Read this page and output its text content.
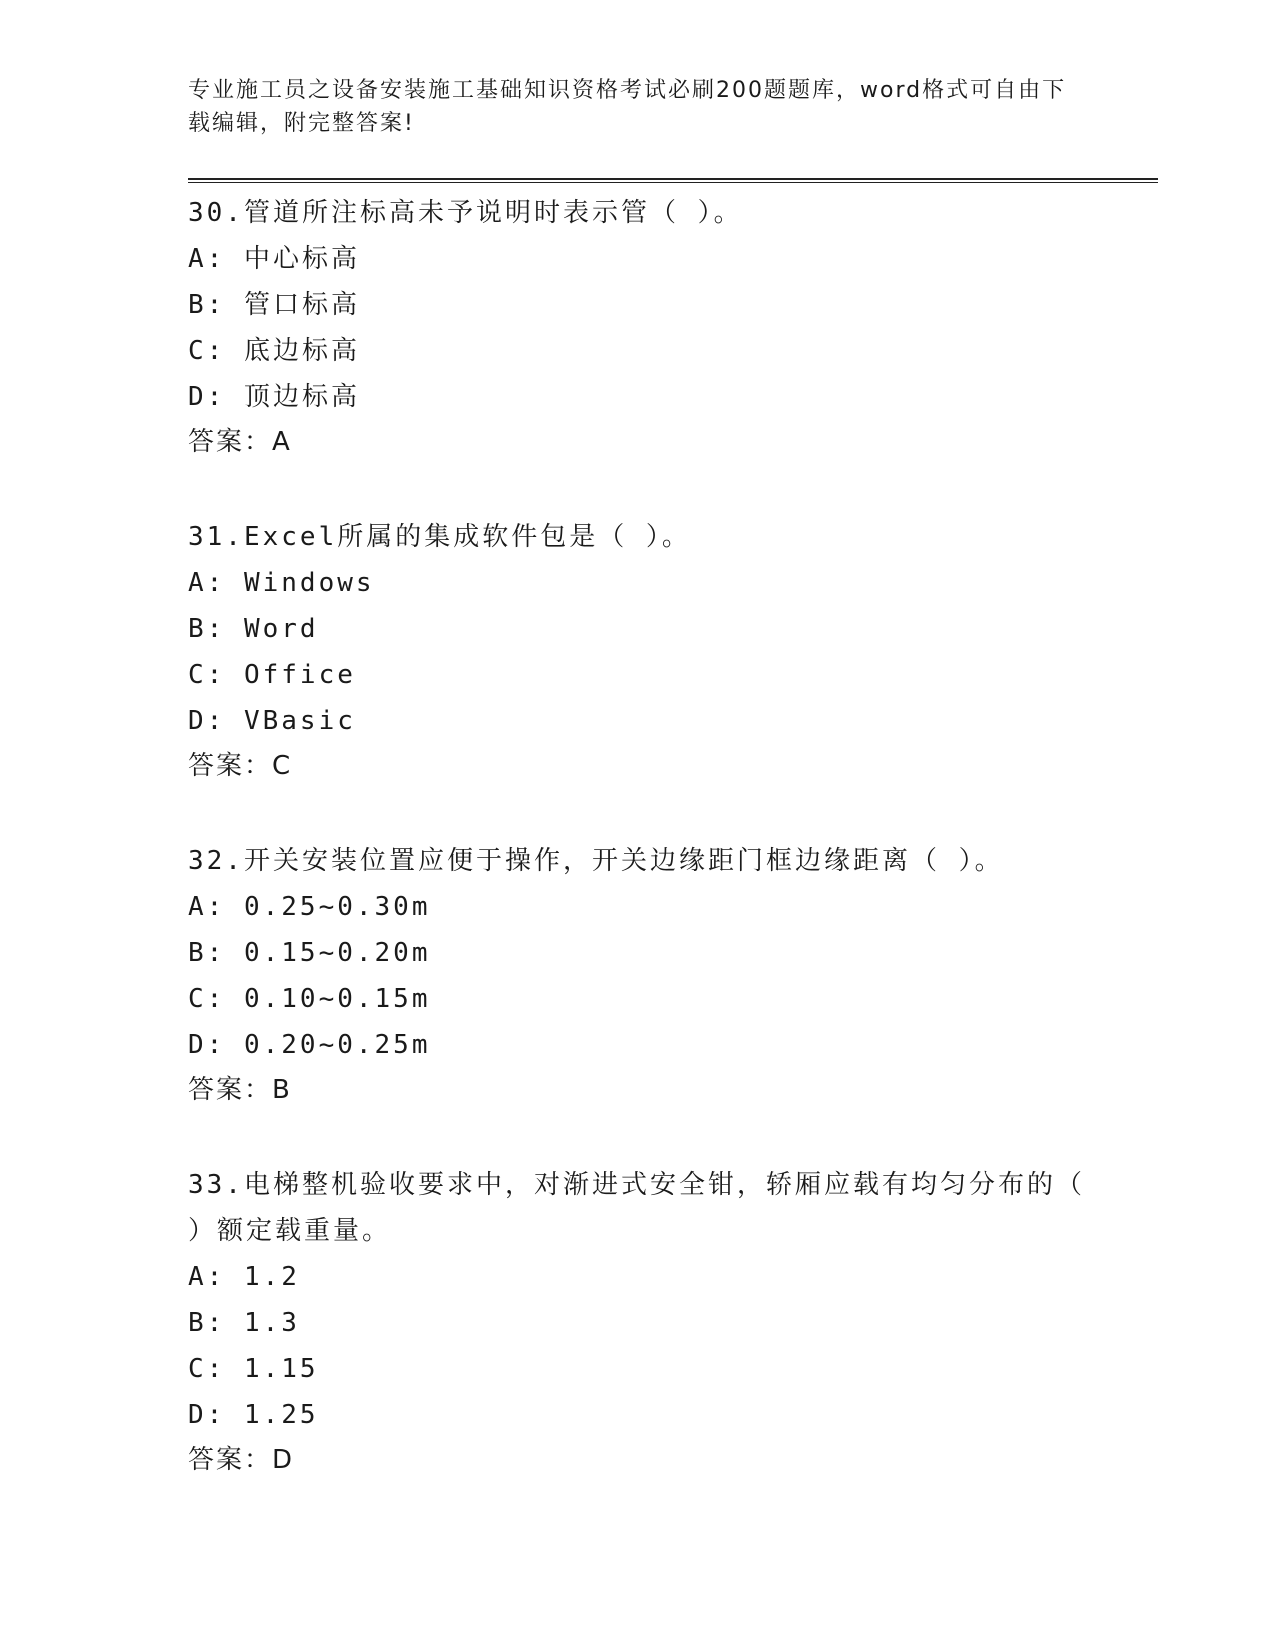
专业施工员之设备安装施工基础知识资格考试必刷200题题库，word格式可自由下载编辑，附完整答案!
30.管道所注标高未予说明时表示管（ ）。
A: 中心标高
B: 管口标高
C: 底边标高
D: 顶边标高
答案：A
31.Excel所属的集成软件包是（ ）。
A: Windows
B: Word
C: Office
D: VBasic
答案：C
32.开关安装位置应便于操作，开关边缘距门框边缘距离（ ）。
A: 0.25~0.30m
B: 0.15~0.20m
C: 0.10~0.15m
D: 0.20~0.25m
答案：B
33.电梯整机验收要求中，对渐进式安全钳，轿厢应载有均匀分布的（ ）额定载重量。
A: 1.2
B: 1.3
C: 1.15
D: 1.25
答案：D
